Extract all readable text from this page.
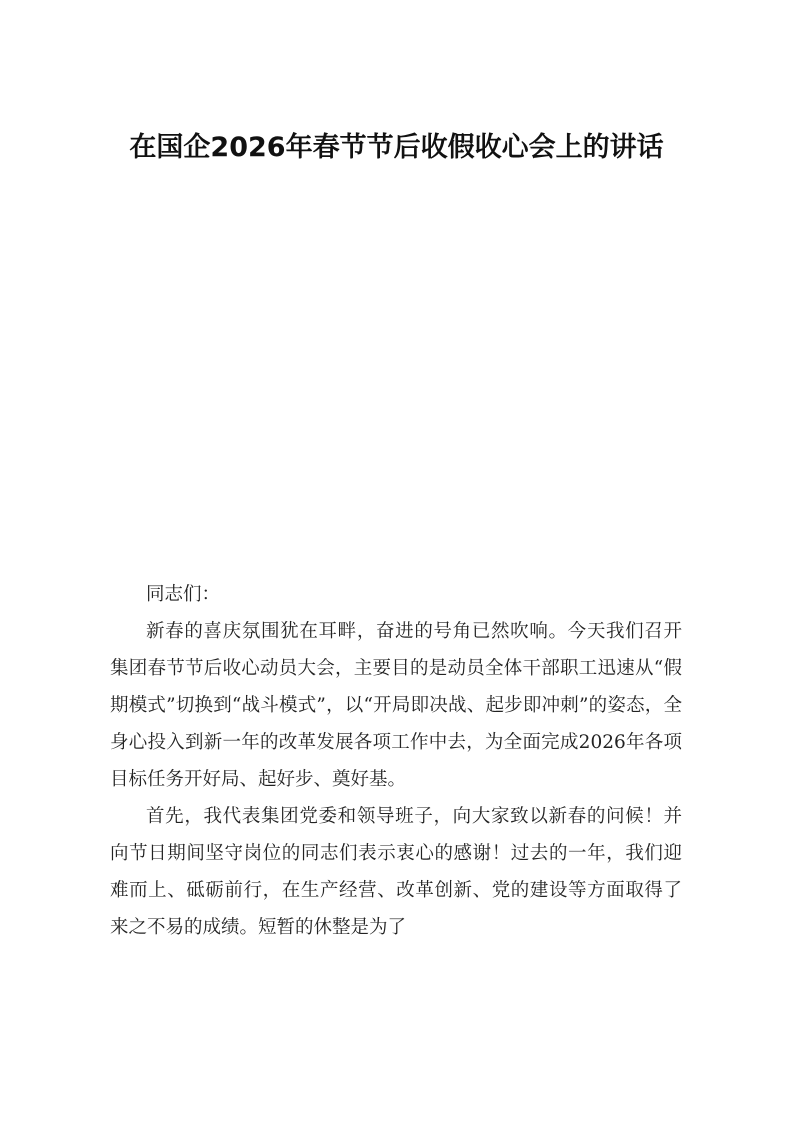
在国企2026年春节节后收假收心会上的讲话

同志们：

新春的喜庆氛围犹在耳畔，奋进的号角已然吹响。今天我们召开集团春节节后收心动员大会，主要目的是动员全体干部职工迅速从“假期模式”切换到“战斗模式”，以“开局即决战、起步即冲刺”的姿态，全身心投入到新一年的改革发展各项工作中去，为全面完成2026年各项目标任务开好局、起好步、奠好基。

首先，我代表集团党委和领导班子，向大家致以新春的问候！并向节日期间坚守岗位的同志们表示衷心的感谢！过去的一年，我们迎难而上、砥砺前行，在生产经营、改革创新、党的建设等方面取得了来之不易的成绩。短暂的休整是为了
